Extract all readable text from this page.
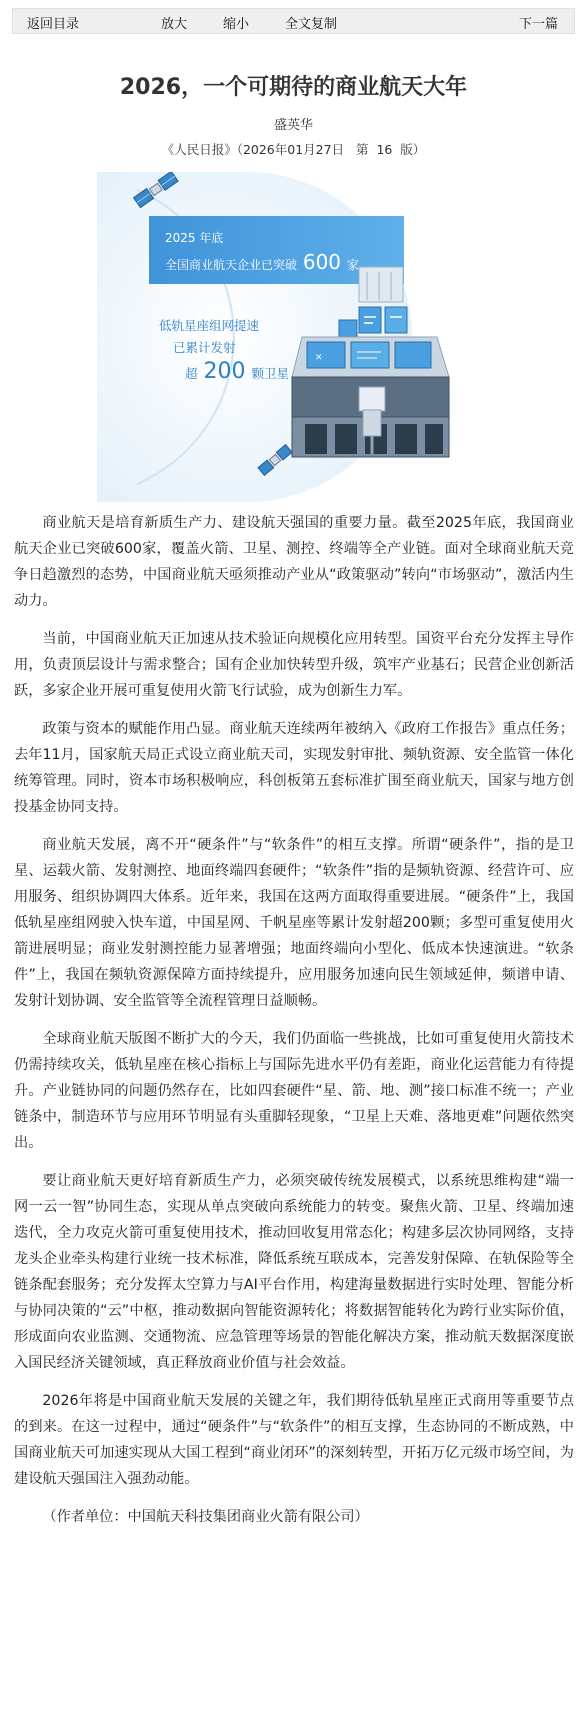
返回目录	放大	缩小	全文复制	下一篇
2026，一个可期待的商业航天大年
盛英华
《人民日报》（2026年01月27日   第  16  版）
2025 年底
全国商业航天企业已突破 600 家
低轨星座组网提速
已累计发射
超 200 颗卫星
✕

商业航天是培育新质生产力、建设航天强国的重要力量。截至2025年底，我国商业航天企业已突破600家，覆盖火箭、卫星、测控、终端等全产业链。面对全球商业航天竞争日趋激烈的态势，中国商业航天亟须推动产业从“政策驱动”转向“市场驱动”，激活内生动力。

当前，中国商业航天正加速从技术验证向规模化应用转型。国资平台充分发挥主导作用，负责顶层设计与需求整合；国有企业加快转型升级，筑牢产业基石；民营企业创新活跃，多家企业开展可重复使用火箭飞行试验，成为创新生力军。

政策与资本的赋能作用凸显。商业航天连续两年被纳入《政府工作报告》重点任务；去年11月，国家航天局正式设立商业航天司，实现发射审批、频轨资源、安全监管一体化统筹管理。同时，资本市场积极响应，科创板第五套标准扩围至商业航天，国家与地方创投基金协同支持。

商业航天发展，离不开“硬条件”与“软条件”的相互支撑。所谓“硬条件”，指的是卫星、运载火箭、发射测控、地面终端四套硬件；“软条件”指的是频轨资源、经营许可、应用服务、组织协调四大体系。近年来，我国在这两方面取得重要进展。“硬条件”上，我国低轨星座组网驶入快车道，中国星网、千帆星座等累计发射超200颗；多型可重复使用火箭进展明显；商业发射测控能力显著增强；地面终端向小型化、低成本快速演进。“软条件”上，我国在频轨资源保障方面持续提升，应用服务加速向民生领域延伸，频谱申请、发射计划协调、安全监管等全流程管理日益顺畅。

全球商业航天版图不断扩大的今天，我们仍面临一些挑战，比如可重复使用火箭技术仍需持续攻关，低轨星座在核心指标上与国际先进水平仍有差距，商业化运营能力有待提升。产业链协同的问题仍然存在，比如四套硬件“星、箭、地、测”接口标准不统一；产业链条中，制造环节与应用环节明显有头重脚轻现象，“卫星上天难、落地更难”问题依然突出。

要让商业航天更好培育新质生产力，必须突破传统发展模式，以系统思维构建“端一网一云一智”协同生态，实现从单点突破向系统能力的转变。聚焦火箭、卫星、终端加速迭代，全力攻克火箭可重复使用技术，推动回收复用常态化；构建多层次协同网络，支持龙头企业牵头构建行业统一技术标准，降低系统互联成本，完善发射保障、在轨保险等全链条配套服务；充分发挥太空算力与AI平台作用，构建海量数据进行实时处理、智能分析与协同决策的“云”中枢，推动数据向智能资源转化；将数据智能转化为跨行业实际价值，形成面向农业监测、交通物流、应急管理等场景的智能化解决方案，推动航天数据深度嵌入国民经济关键领域，真正释放商业价值与社会效益。

2026年将是中国商业航天发展的关键之年，我们期待低轨星座正式商用等重要节点的到来。在这一过程中，通过“硬条件”与“软条件”的相互支撑，生态协同的不断成熟，中国商业航天可加速实现从大国工程到“商业闭环”的深刻转型，开拓万亿元级市场空间，为建设航天强国注入强劲动能。

（作者单位：中国航天科技集团商业火箭有限公司）
